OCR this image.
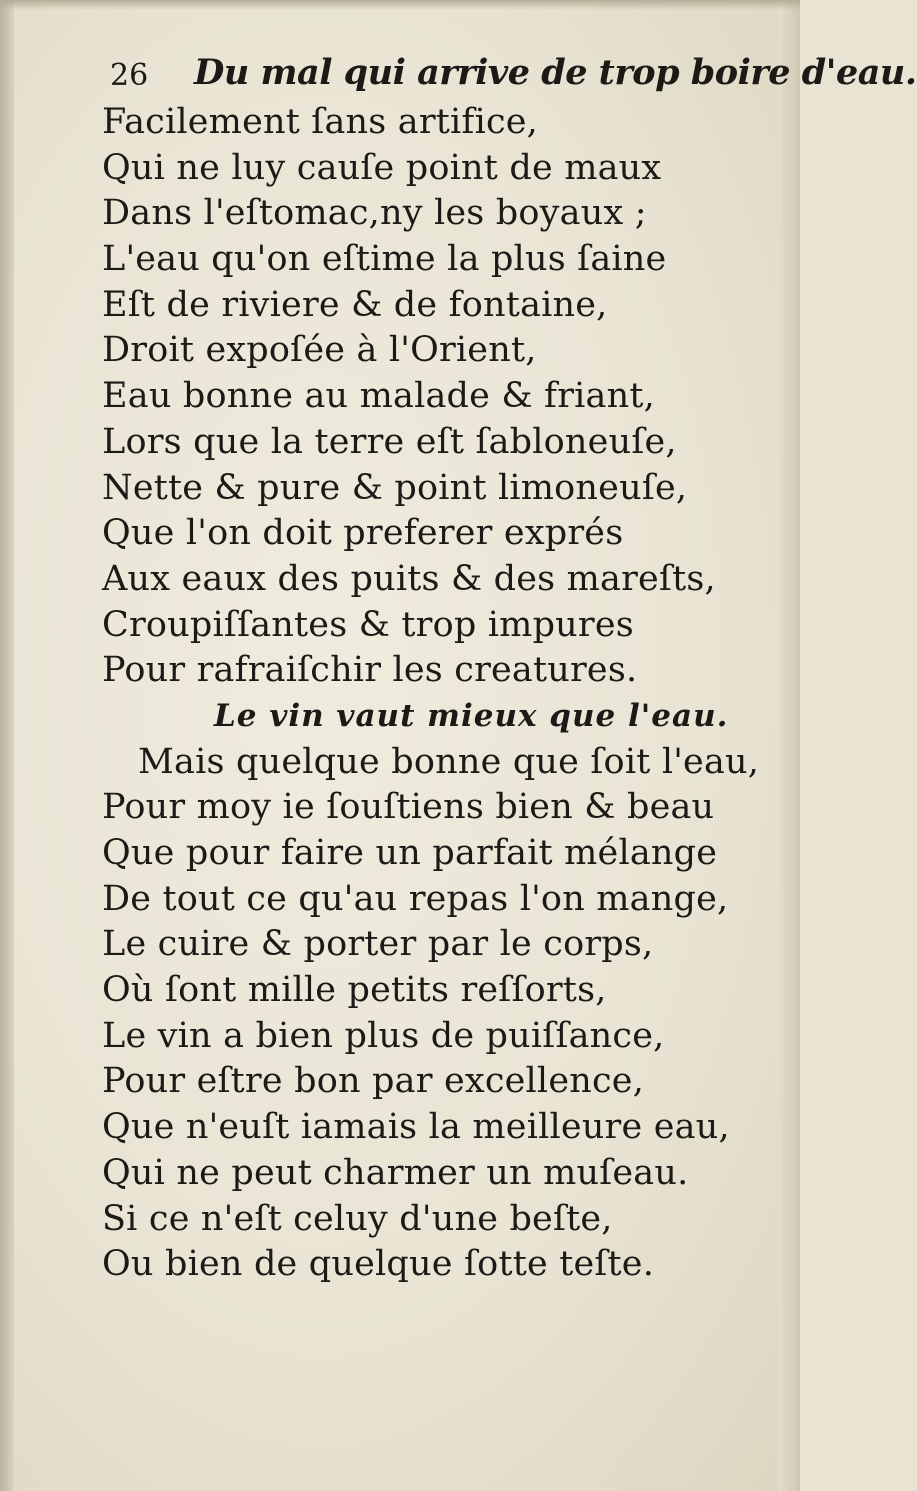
26 Du mal qui arrive de trop boire d'eau.
Facilement ſans artifice,
Qui ne luy cauſe point de maux
Dans l'eſtomac,ny les boyaux ;
L'eau qu'on eſtime la plus ſaine
Eſt de riviere & de fontaine,
Droit expoſée à l'Orient,
Eau bonne au malade & friant,
Lors que la terre eſt ſabloneuſe,
Nette & pure & point limoneuſe,
Que l'on doit preferer exprés
Aux eaux des puits & des mareſts,
Croupiſſantes & trop impures
Pour rafraiſchir les creatures.
Le vin vaut mieux que l'eau.
Mais quelque bonne que ſoit l'eau,
Pour moy ie ſouſtiens bien & beau
Que pour faire un parfait mélange
De tout ce qu'au repas l'on mange,
Le cuire & porter par le corps,
Où ſont mille petits reſſorts,
Le vin a bien plus de puiſſance,
Pour eſtre bon par excellence,
Que n'euſt iamais la meilleure eau,
Qui ne peut charmer un muſeau.
Si ce n'eſt celuy d'une beſte,
Ou bien de quelque ſotte teſte.
